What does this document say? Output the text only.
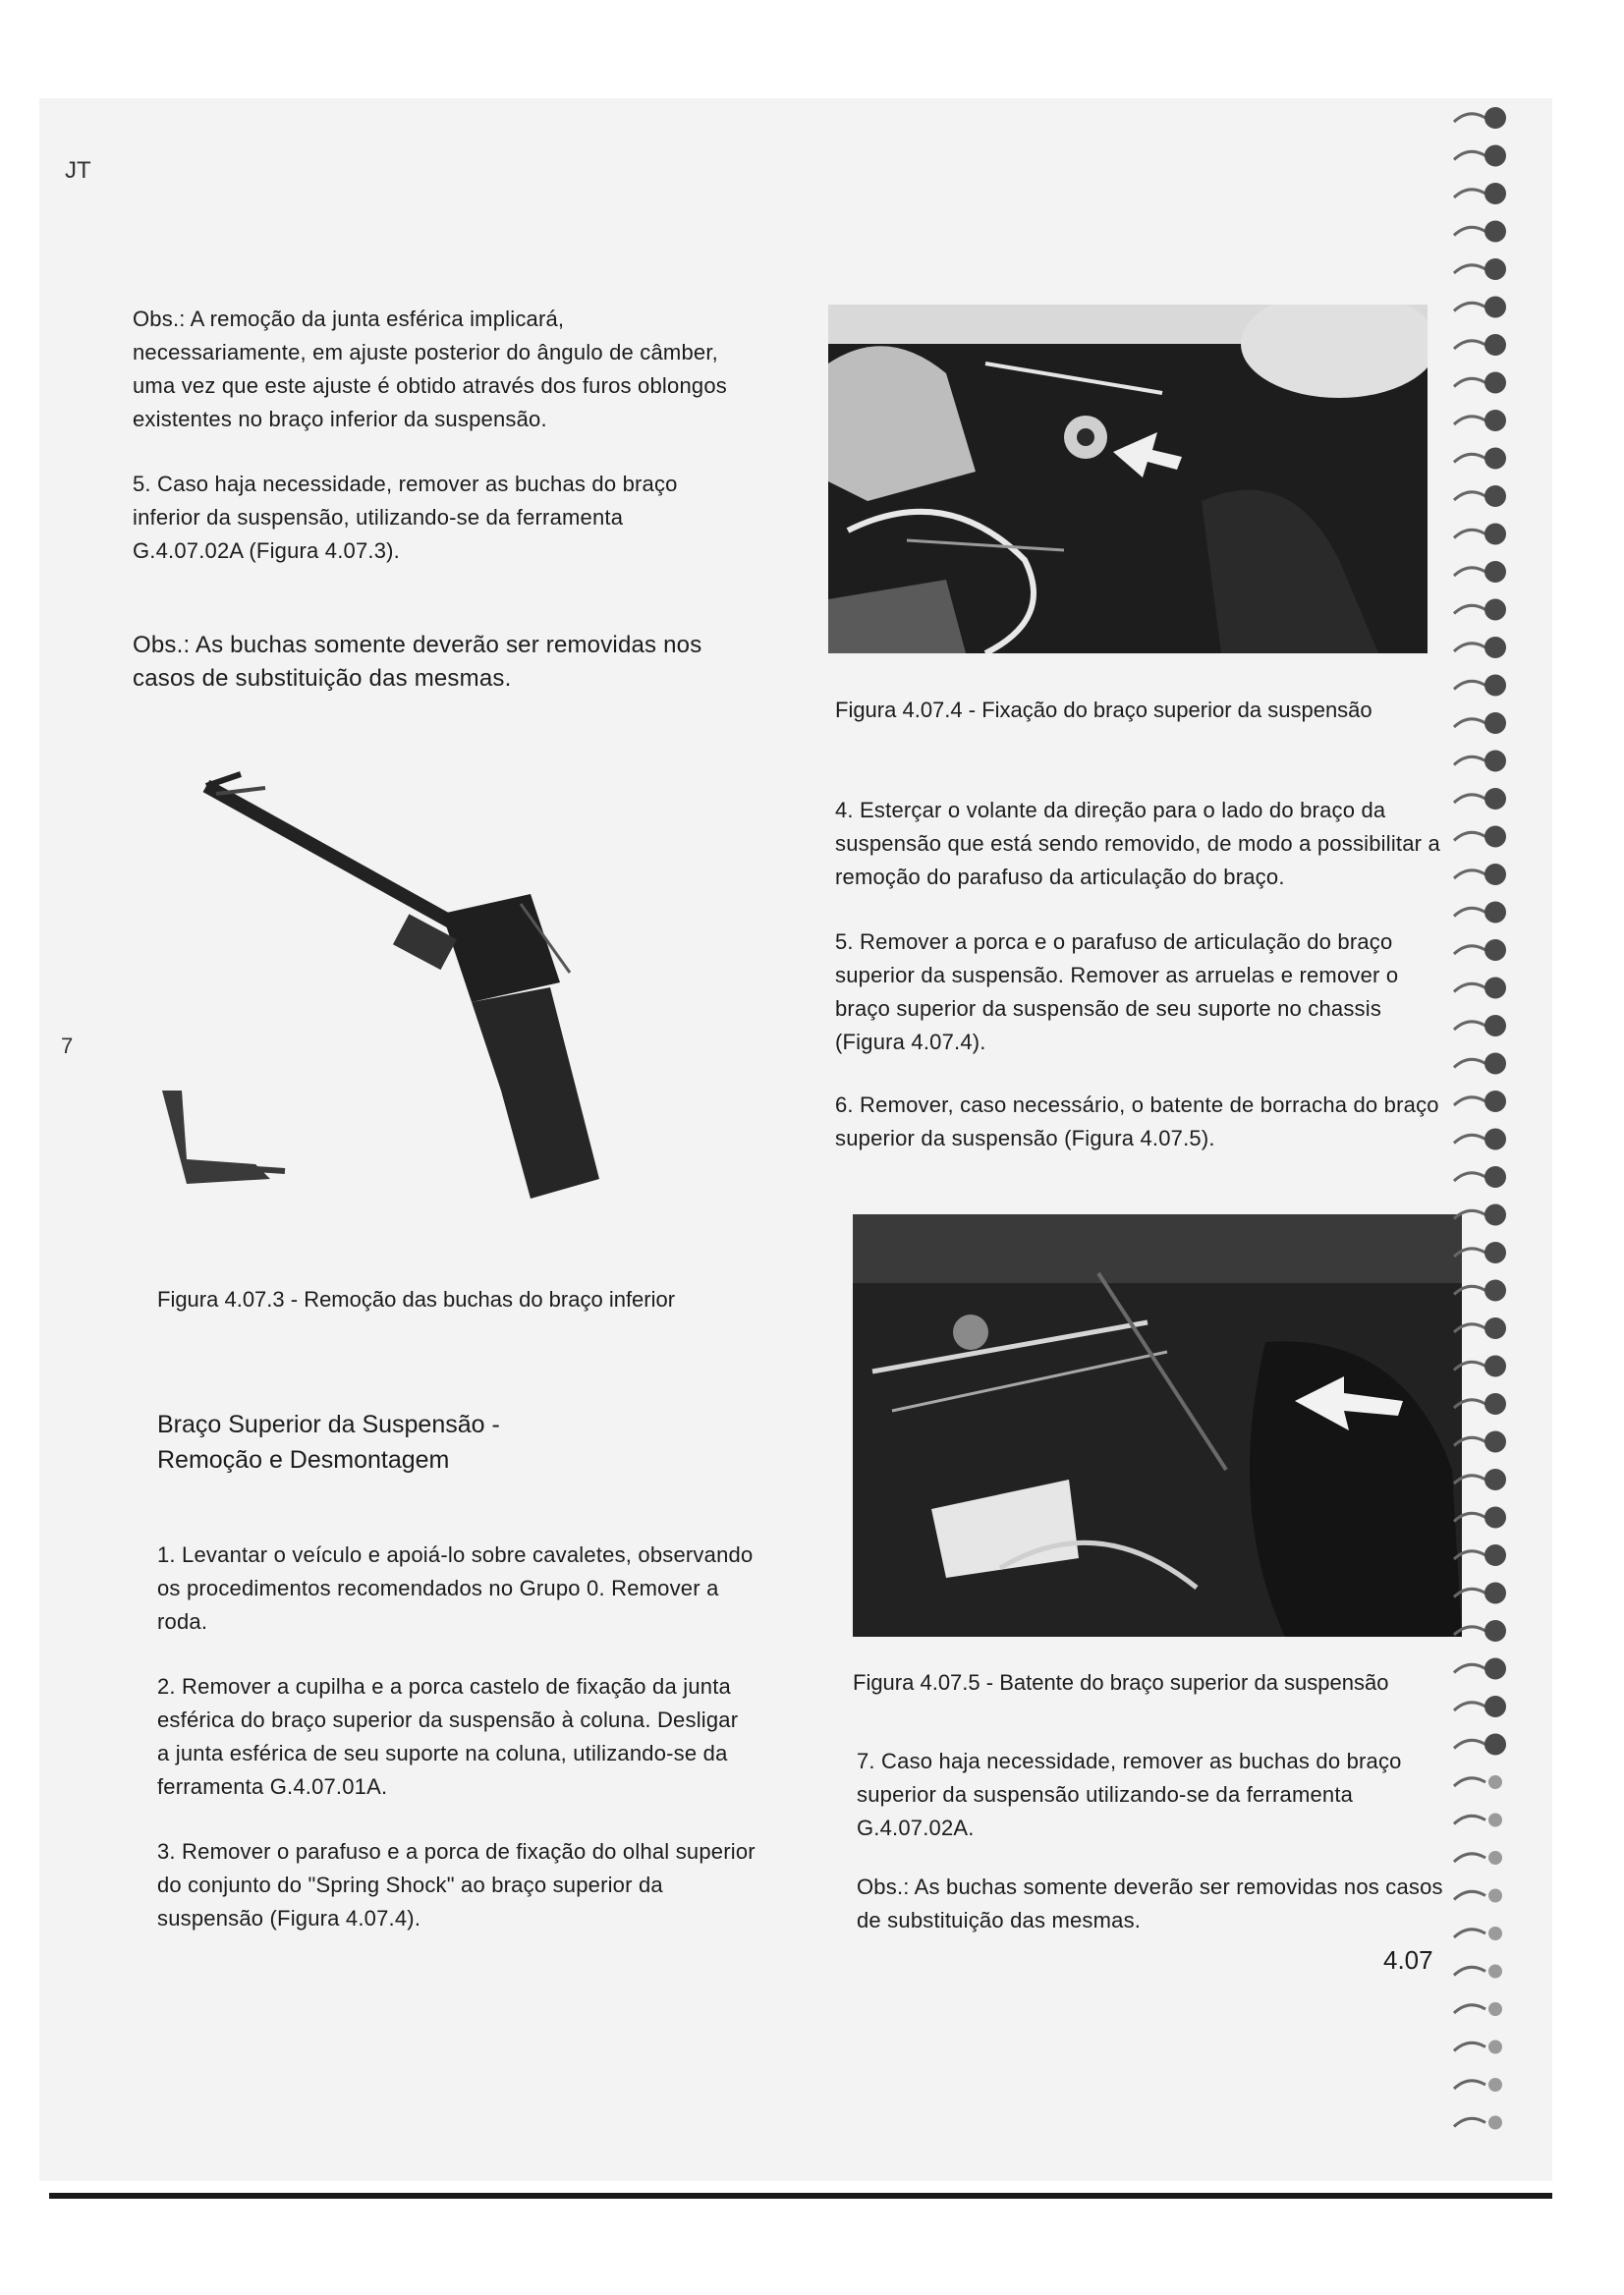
JT

Obs.: A remoção da junta esférica implicará, necessariamente, em ajuste posterior do ângulo de câmber, uma vez que este ajuste é obtido através dos furos oblongos existentes no braço inferior da suspensão.

5. Caso haja necessidade, remover as buchas do braço inferior da suspensão, utilizando-se da ferramenta G.4.07.02A (Figura 4.07.3).

Obs.: As buchas somente deverão ser removidas nos casos de substituição das mesmas.

7

Figura 4.07.3 - Remoção das buchas do braço inferior

Braço Superior da Suspensão - Remoção e Desmontagem

1. Levantar o veículo e apoiá-lo sobre cavaletes, observando os procedimentos recomendados no Grupo 0. Remover a roda.

2. Remover a cupilha e a porca castelo de fixação da junta esférica do braço superior da suspensão à coluna. Desligar a junta esférica de seu suporte na coluna, utilizando-se da ferramenta G.4.07.01A.

3. Remover o parafuso e a porca de fixação do olhal superior do conjunto do "Spring Shock" ao braço superior da suspensão (Figura 4.07.4).

Figura 4.07.4 - Fixação do braço superior da suspensão

4. Esterçar o volante da direção para o lado do braço da suspensão que está sendo removido, de modo a possibilitar a remoção do parafuso da articulação do braço.

5. Remover a porca e o parafuso de articulação do braço superior da suspensão. Remover as arruelas e remover o braço superior da suspensão de seu suporte no chassis (Figura 4.07.4).

6. Remover, caso necessário, o batente de borracha do braço superior da suspensão (Figura 4.07.5).

Figura 4.07.5 - Batente do braço superior da suspensão

7. Caso haja necessidade, remover as buchas do braço superior da suspensão utilizando-se da ferramenta G.4.07.02A.

Obs.: As buchas somente deverão ser removidas nos casos de substituição das mesmas.

4.07
